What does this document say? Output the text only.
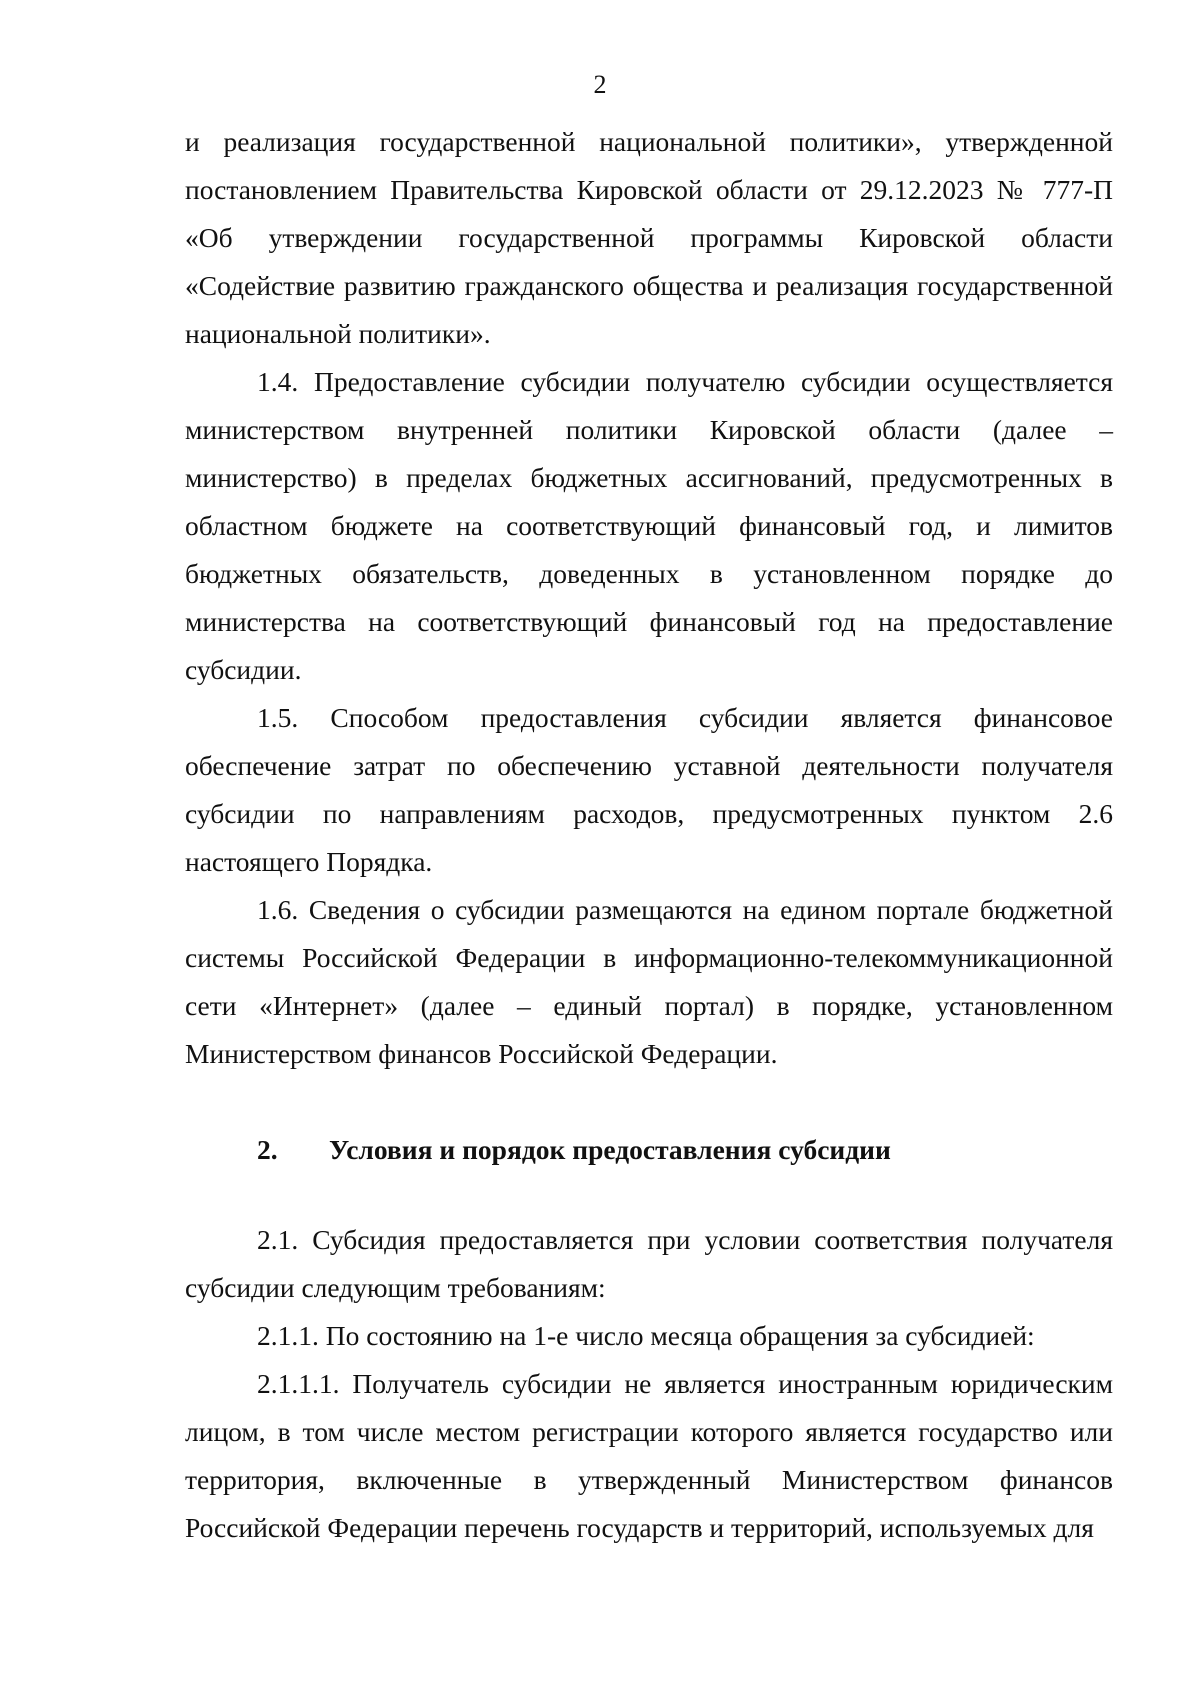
2

и реализация государственной национальной политики», утвержденной постановлением Правительства Кировской области от 29.12.2023 № 777-П «Об утверждении государственной программы Кировской области «Содействие развитию гражданского общества и реализация государственной национальной политики».

1.4. Предоставление субсидии получателю субсидии осуществляется министерством внутренней политики Кировской области (далее – министерство) в пределах бюджетных ассигнований, предусмотренных в областном бюджете на соответствующий финансовый год, и лимитов бюджетных обязательств, доведенных в установленном порядке до министерства на соответствующий финансовый год на предоставление субсидии.

1.5. Способом предоставления субсидии является финансовое обеспечение затрат по обеспечению уставной деятельности получателя субсидии по направлениям расходов, предусмотренных пунктом 2.6 настоящего Порядка.

1.6. Сведения о субсидии размещаются на едином портале бюджетной системы Российской Федерации в информационно-телекоммуникационной сети «Интернет» (далее – единый портал) в порядке, установленном Министерством финансов Российской Федерации.

2. Условия и порядок предоставления субсидии

2.1. Субсидия предоставляется при условии соответствия получателя субсидии следующим требованиям:

2.1.1. По состоянию на 1-е число месяца обращения за субсидией:

2.1.1.1. Получатель субсидии не является иностранным юридическим лицом, в том числе местом регистрации которого является государство или территория, включенные в утвержденный Министерством финансов Российской Федерации перечень государств и территорий, используемых для
